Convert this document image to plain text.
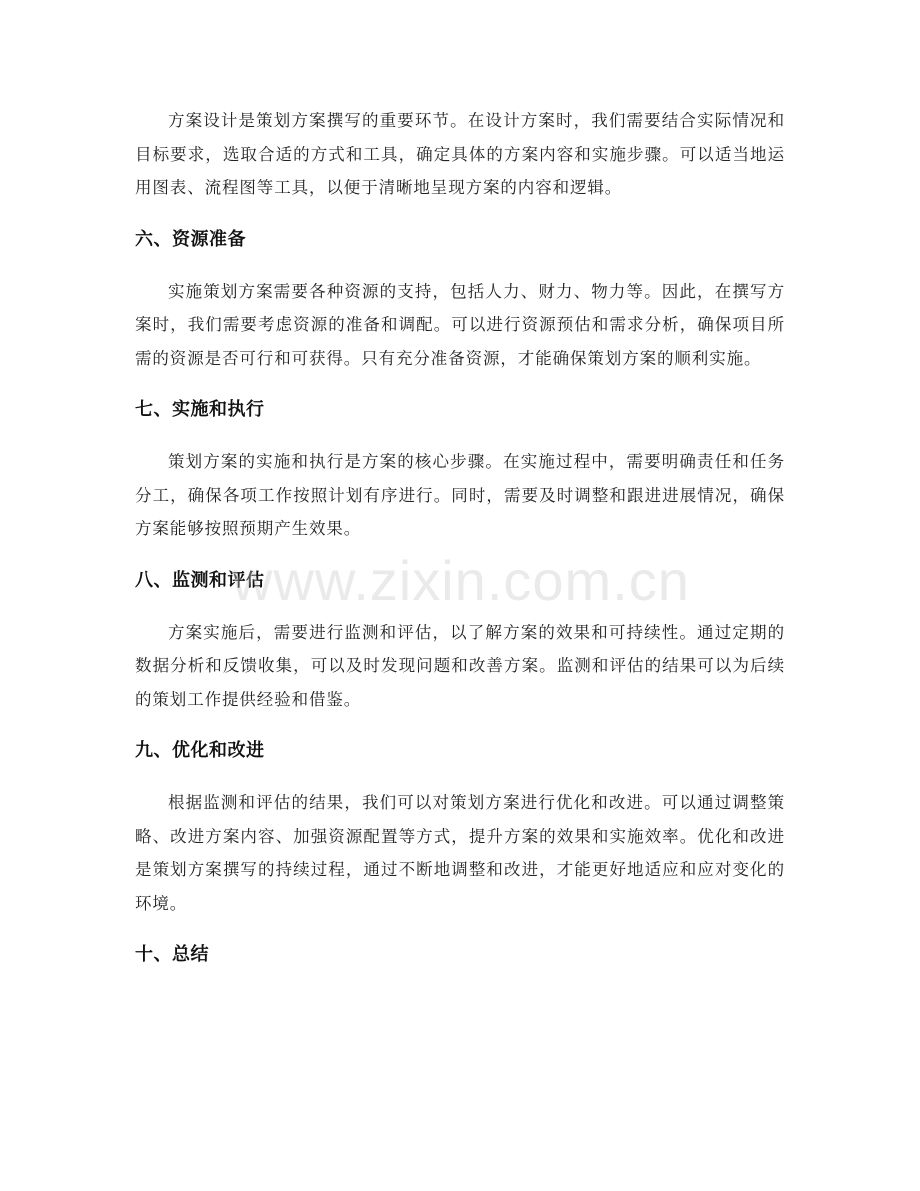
方案设计是策划方案撰写的重要环节。在设计方案时，我们需要结合实际情况和目标要求，选取合适的方式和工具，确定具体的方案内容和实施步骤。可以适当地运用图表、流程图等工具，以便于清晰地呈现方案的内容和逻辑。

六、资源准备

实施策划方案需要各种资源的支持，包括人力、财力、物力等。因此，在撰写方案时，我们需要考虑资源的准备和调配。可以进行资源预估和需求分析，确保项目所需的资源是否可行和可获得。只有充分准备资源，才能确保策划方案的顺利实施。

七、实施和执行

策划方案的实施和执行是方案的核心步骤。在实施过程中，需要明确责任和任务分工，确保各项工作按照计划有序进行。同时，需要及时调整和跟进进展情况，确保方案能够按照预期产生效果。

八、监测和评估

方案实施后，需要进行监测和评估，以了解方案的效果和可持续性。通过定期的数据分析和反馈收集，可以及时发现问题和改善方案。监测和评估的结果可以为后续的策划工作提供经验和借鉴。

九、优化和改进

根据监测和评估的结果，我们可以对策划方案进行优化和改进。可以通过调整策略、改进方案内容、加强资源配置等方式，提升方案的效果和实施效率。优化和改进是策划方案撰写的持续过程，通过不断地调整和改进，才能更好地适应和应对变化的环境。

十、总结
www.zixin.com.cn
